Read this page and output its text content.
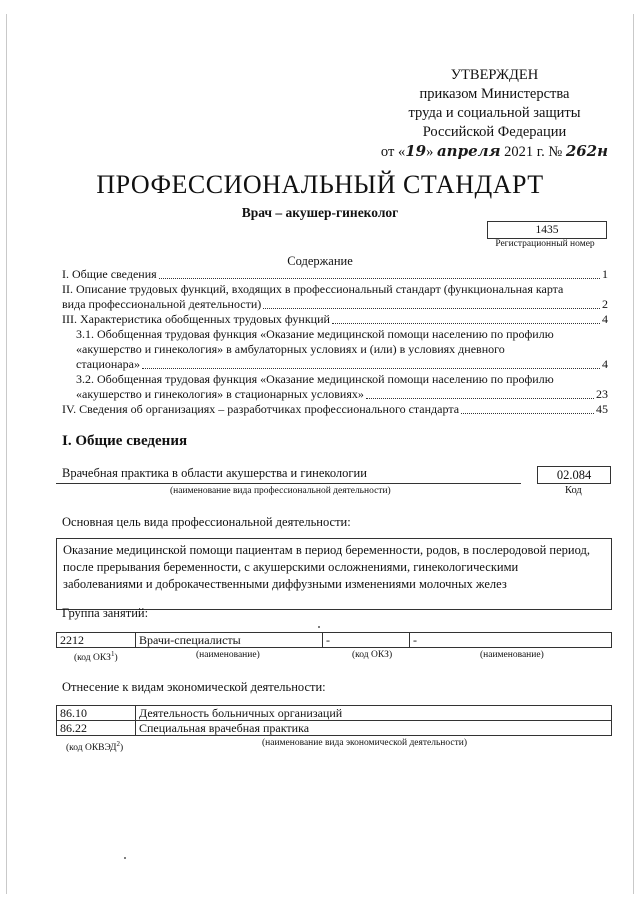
УТВЕРЖДЕН
приказом Министерства
труда и социальной защиты
Российской Федерации
от «19» апреля 2021 г. № 262н
ПРОФЕССИОНАЛЬНЫЙ СТАНДАРТ
Врач – акушер-гинеколог
1435
Регистрационный номер
Содержание
I. Общие сведения	1
II. Описание трудовых функций, входящих в профессиональный стандарт (функциональная карта
вида профессиональной деятельности)	2
III. Характеристика обобщенных трудовых функций	4
3.1. Обобщенная трудовая функция «Оказание медицинской помощи населению по профилю
«акушерство и гинекология» в амбулаторных условиях и (или) в условиях дневного
стационара»	4
3.2. Обобщенная трудовая функция «Оказание медицинской помощи населению по профилю
«акушерство и гинекология» в стационарных условиях»	23
IV. Сведения об организациях – разработчиках профессионального стандарта	45
I. Общие сведения
Врачебная практика в области акушерства и гинекологии
(наименование вида профессиональной деятельности)
02.084
Код
Основная цель вида профессиональной деятельности:
Оказание медицинской помощи пациентам в период беременности, родов, в послеродовой период,
после прерывания беременности, с акушерскими осложнениями, гинекологическими
заболеваниями и доброкачественными диффузными изменениями молочных желез
Группа занятий:
2212	Врачи-специалисты	-	-
(код ОКЗ$^1$)	(наименование)	(код ОКЗ)	(наименование)
Отнесение к видам экономической деятельности:
86.10	Деятельность больничных организаций
86.22	Специальная врачебная практика
(код ОКВЭД$^2$)
(наименование вида экономической деятельности)
